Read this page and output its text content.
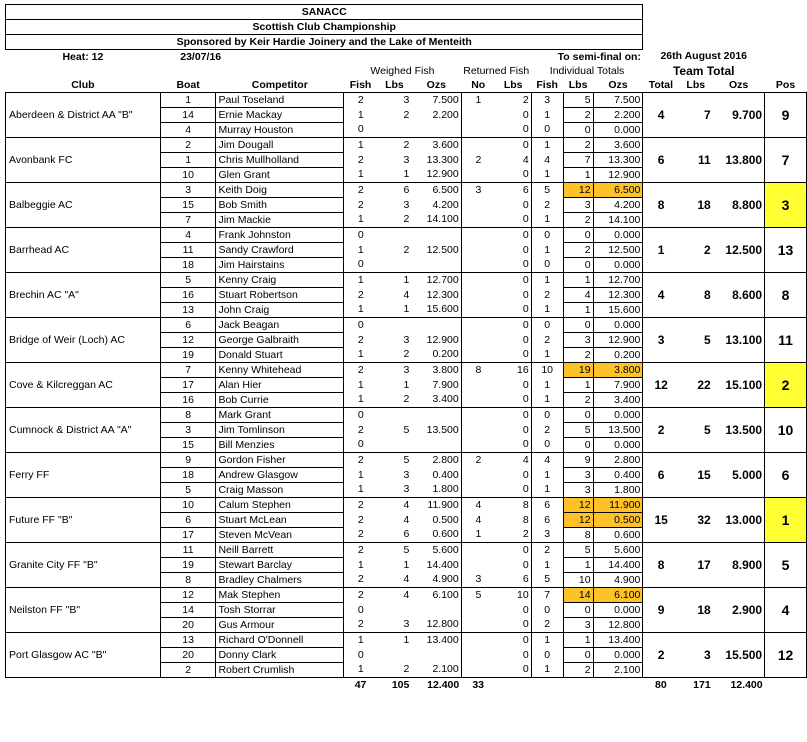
SANACC														
Scottish Club Championship														
Sponsored by Keir Hardie Joinery and the Lake of Menteith														
Heat: 12	23/07/16						To semi-final on:				26th August 2016			
			Weighed Fish			Returned Fish		Individual Totals			Team Total			
Club	Boat	Competitor	Fish	Lbs	Ozs	No	Lbs	Fish	Lbs	Ozs	Total	Lbs	Ozs	Pos
Aberdeen & District AA "B"	1	Paul Toseland	2	3	7.500	1	2	3	5	7.500	4	7	9.700	9
	14	Ernie Mackay	1	2	2.200		0	1	2	2.200				
	4	Murray Houston	0				0	0	0	0.000				
Avonbank FC	2	Jim Dougall	1	2	3.600		0	1	2	3.600	6	11	13.800	7
	1	Chris Mullholland	2	3	13.300	2	4	4	7	13.300				
	10	Glen Grant	1	1	12.900		0	1	1	12.900				
Balbeggie AC	3	Keith Doig	2	6	6.500	3	6	5	12	6.500	8	18	8.800	3
	15	Bob Smith	2	3	4.200		0	2	3	4.200				
	7	Jim Mackie	1	2	14.100		0	1	2	14.100				
Barrhead AC	4	Frank Johnston	0				0	0	0	0.000	1	2	12.500	13
	11	Sandy Crawford	1	2	12.500		0	1	2	12.500				
	18	Jim Hairstains	0				0	0	0	0.000				
Brechin AC "A"	5	Kenny Craig	1	1	12.700		0	1	1	12.700	4	8	8.600	8
	16	Stuart Robertson	2	4	12.300		0	2	4	12.300				
	13	John Craig	1	1	15.600		0	1	1	15.600				
Bridge of Weir (Loch) AC	6	Jack Beagan	0				0	0	0	0.000	3	5	13.100	11
	12	George Galbraith	2	3	12.900		0	2	3	12.900				
	19	Donald Stuart	1	2	0.200		0	1	2	0.200				
Cove & Kilcreggan AC	7	Kenny Whitehead	2	3	3.800	8	16	10	19	3.800	12	22	15.100	2
	17	Alan Hier	1	1	7.900		0	1	1	7.900				
	16	Bob Currie	1	2	3.400		0	1	2	3.400				
Cumnock & District AA "A"	8	Mark Grant	0				0	0	0	0.000	2	5	13.500	10
	3	Jim Tomlinson	2	5	13.500		0	2	5	13.500				
	15	Bill Menzies	0				0	0	0	0.000				
Ferry FF	9	Gordon Fisher	2	5	2.800	2	4	4	9	2.800	6	15	5.000	6
	18	Andrew Glasgow	1	3	0.400		0	1	3	0.400				
	5	Craig Masson	1	3	1.800		0	1	3	1.800				
Future FF "B"	10	Calum Stephen	2	4	11.900	4	8	6	12	11.900	15	32	13.000	1
	6	Stuart McLean	2	4	0.500	4	8	6	12	0.500				
	17	Steven McVean	2	6	0.600	1	2	3	8	0.600				
Granite City FF "B"	11	Neill Barrett	2	5	5.600		0	2	5	5.600	8	17	8.900	5
	19	Stewart Barclay	1	1	14.400		0	1	1	14.400				
	8	Bradley Chalmers	2	4	4.900	3	6	5	10	4.900				
Neilston FF "B"	12	Mak Stephen	2	4	6.100	5	10	7	14	6.100	9	18	2.900	4
	14	Tosh Storrar	0				0	0	0	0.000				
	20	Gus Armour	2	3	12.800		0	2	3	12.800				
Port Glasgow AC "B"	13	Richard O'Donnell	1	1	13.400		0	1	1	13.400	2	3	15.500	12
	20	Donny Clark	0				0	0	0	0.000				
	2	Robert Crumlish	1	2	2.100		0	1	2	2.100				
			47	105	12.400	33					80	171	12.400	
